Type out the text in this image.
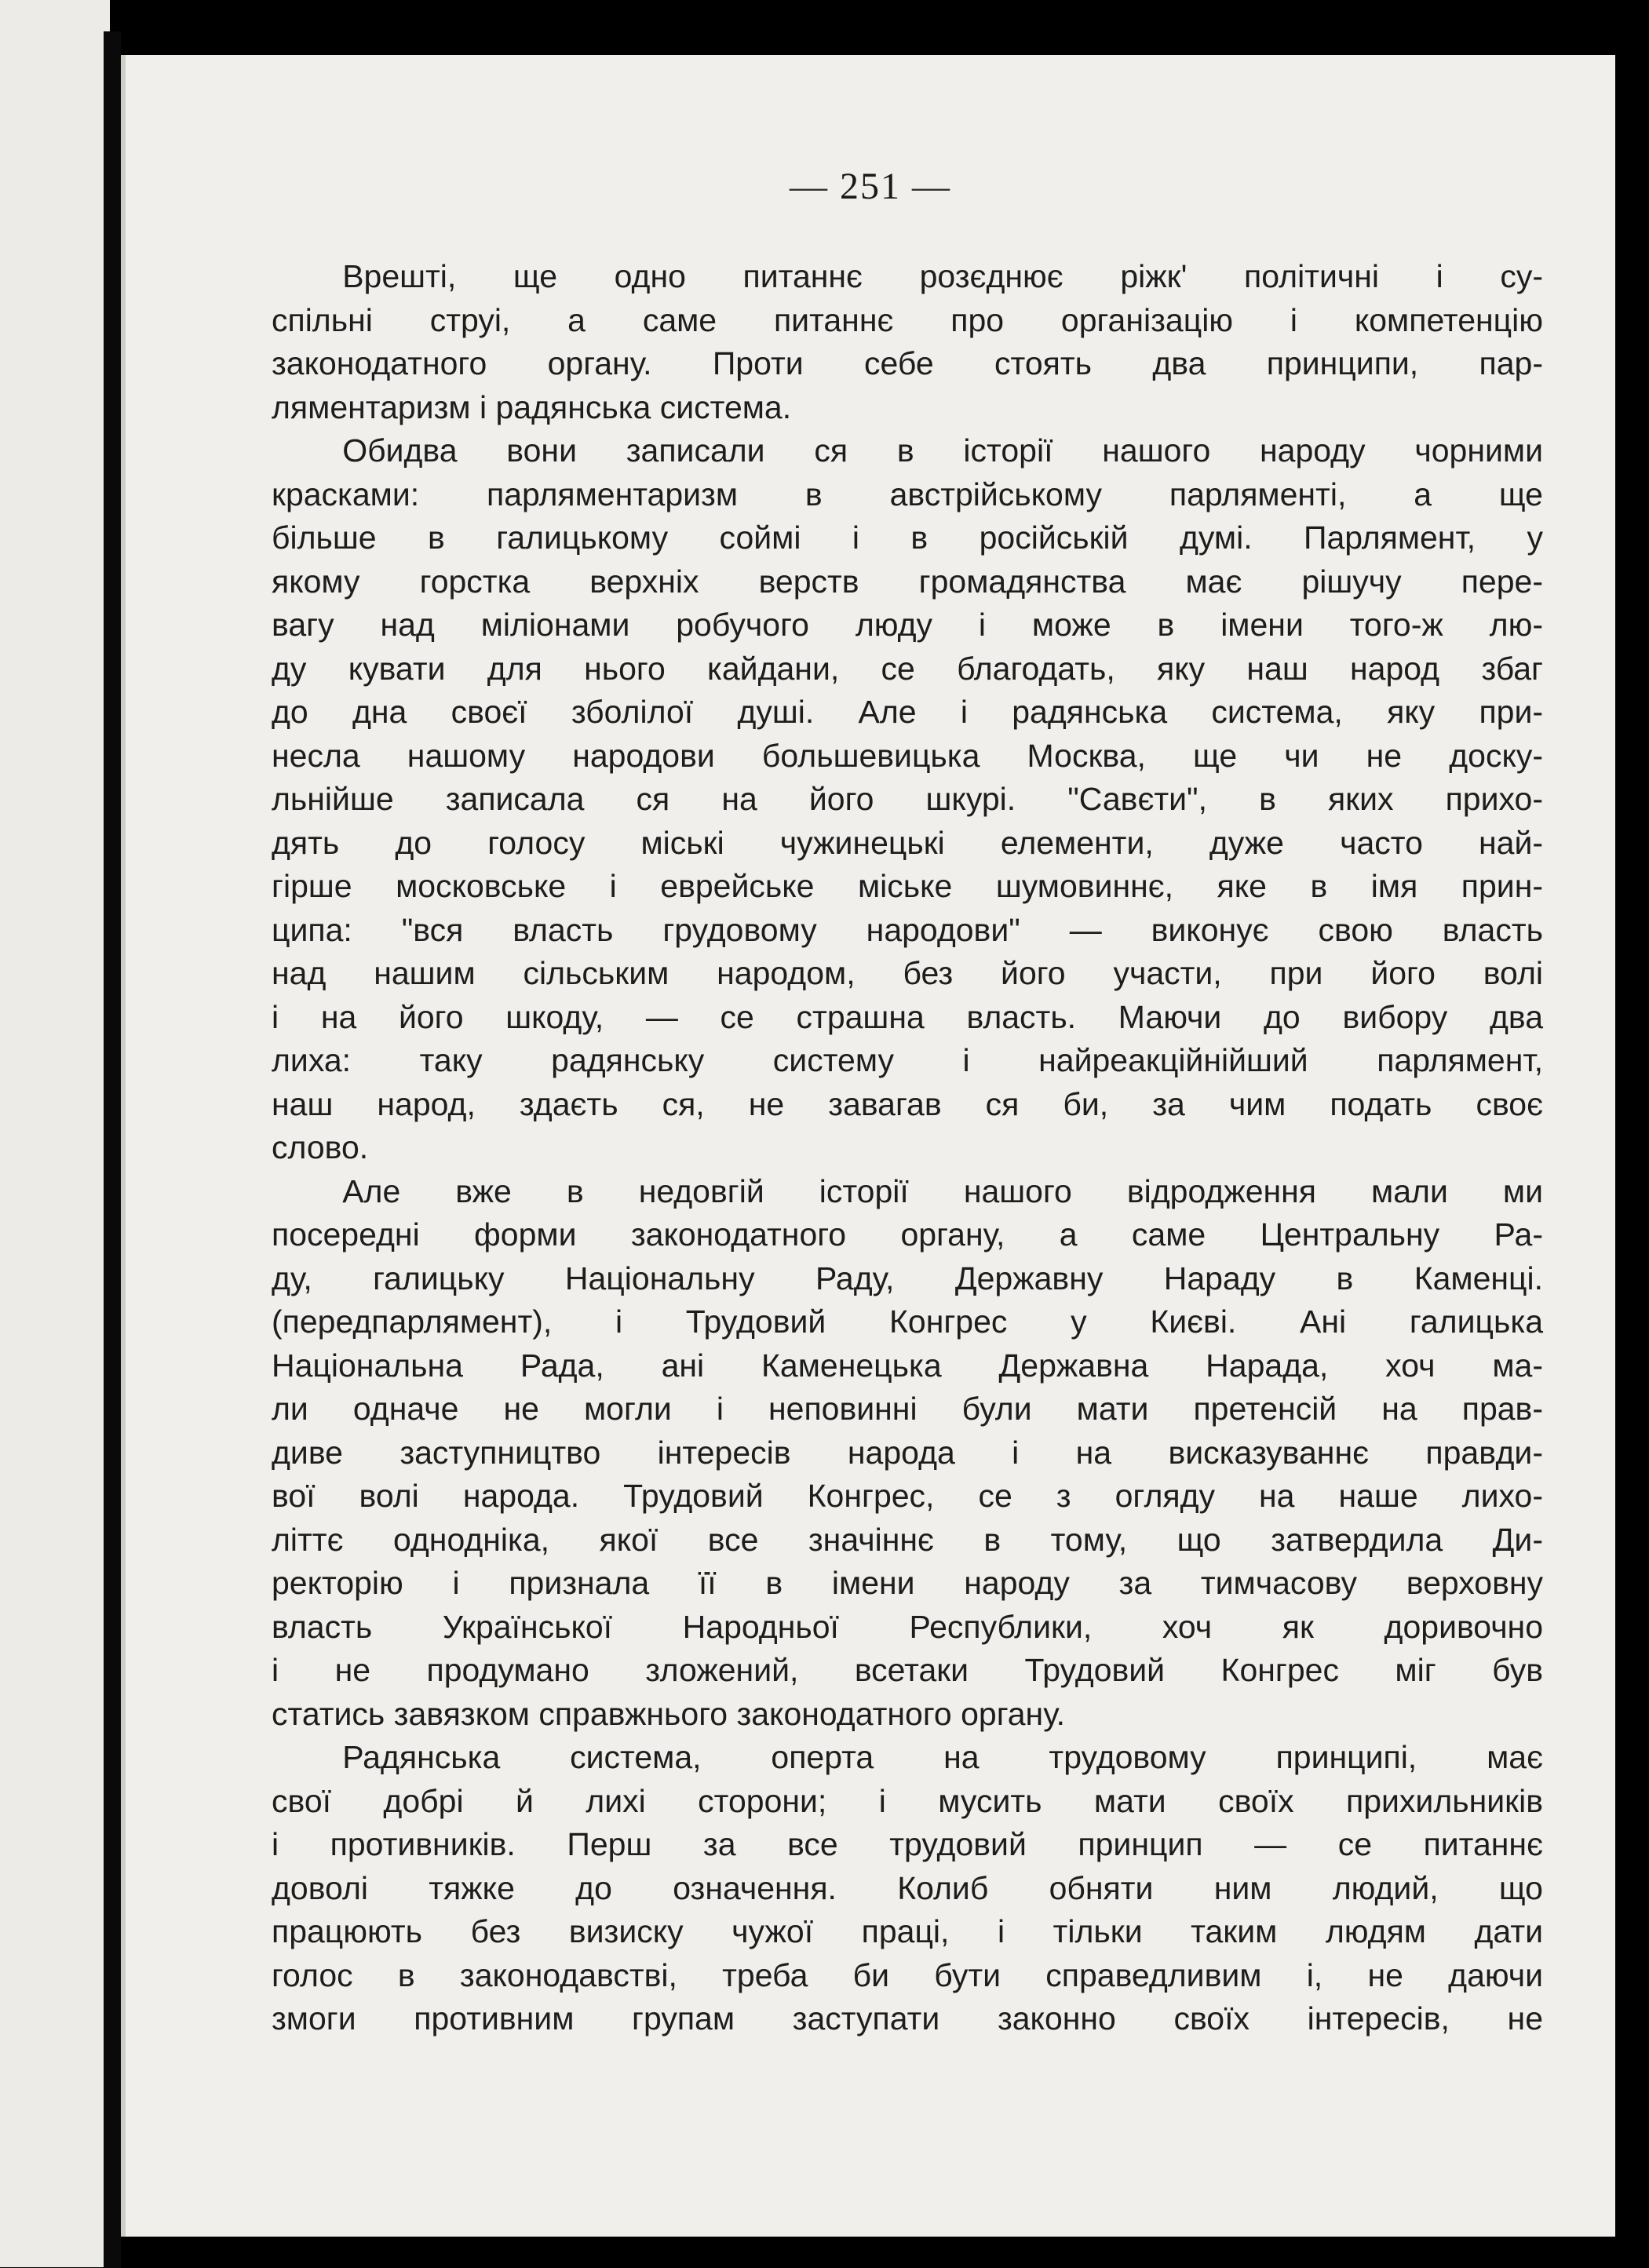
— 251 —
Врешті, ще одно питаннє розєднює ріжк' політичні і су-
спільні струі, а саме питаннє про організацію і компетенцію
законодатного органу. Проти себе стоять два принципи, пар-
ляментаризм і радянська система.
Обидва вони записали ся в історії нашого народу чорними
красками: парляментаризм в австрійському парляменті, а ще
більше в галицькому соймі і в російській думі. Парлямент, у
якому горстка верхніх верств громадянства має рішучу пере-
вагу над міліонами робучого люду і може в імени того-ж лю-
ду кувати для нього кайдани, се благодать, яку наш народ збаг
до дна своєї зболілої душі. Але і радянська система, яку при-
несла нашому народови большевицька Москва, ще чи не доску-
льнійше записала ся на його шкурі. "Савєти", в яких прихо-
дять до голосу міські чужинецькі елементи, дуже часто най-
гірше московське і еврейське міське шумовиннє, яке в імя прин-
ципа: "вся власть грудовому народови" — виконує свою власть
над нашим сільським народом, без його участи, при його волі
і на його шкоду, — се страшна власть. Маючи до вибору два
лиха: таку радянську систему і найреакційнійший парлямент,
наш народ, здаєть ся, не завагав ся би, за чим подать своє
слово.
Але вже в недовгій історії нашого відродження мали ми
посередні форми законодатного органу, а саме Центральну Ра-
ду, галицьку Національну Раду, Державну Нараду в Каменці.
(передпарлямент), і Трудовий Конгрес у Києві. Ані галицька
Національна Рада, ані Каменецька Державна Нарада, хоч ма-
ли одначе не могли і неповинні були мати претенсій на прав-
диве заступництво інтересів народа і на висказуваннє правди-
вої волі народа. Трудовий Конгрес, се з огляду на наше лихо-
літтє однодніка, якої все значіннє в тому, що затвердила Ди-
ректорію і признала її в імени народу за тимчасову верховну
власть Української Народньої Республики, хоч як доривочно
і не продумано зложений, всетаки Трудовий Конгрес міг був
статись завязком справжнього законодатного органу.
Радянська система, оперта на трудовому принципі, має
свої добрі й лихі сторони; і мусить мати своїх прихильників
і противників. Перш за все трудовий принцип — се питаннє
доволі тяжке до означення. Колиб обняти ним людий, що
працюють без визиску чужої праці, і тільки таким людям дати
голос в законодавстві, треба би бути справедливим і, не даючи
змоги противним групам заступати законно своїх інтересів, не
